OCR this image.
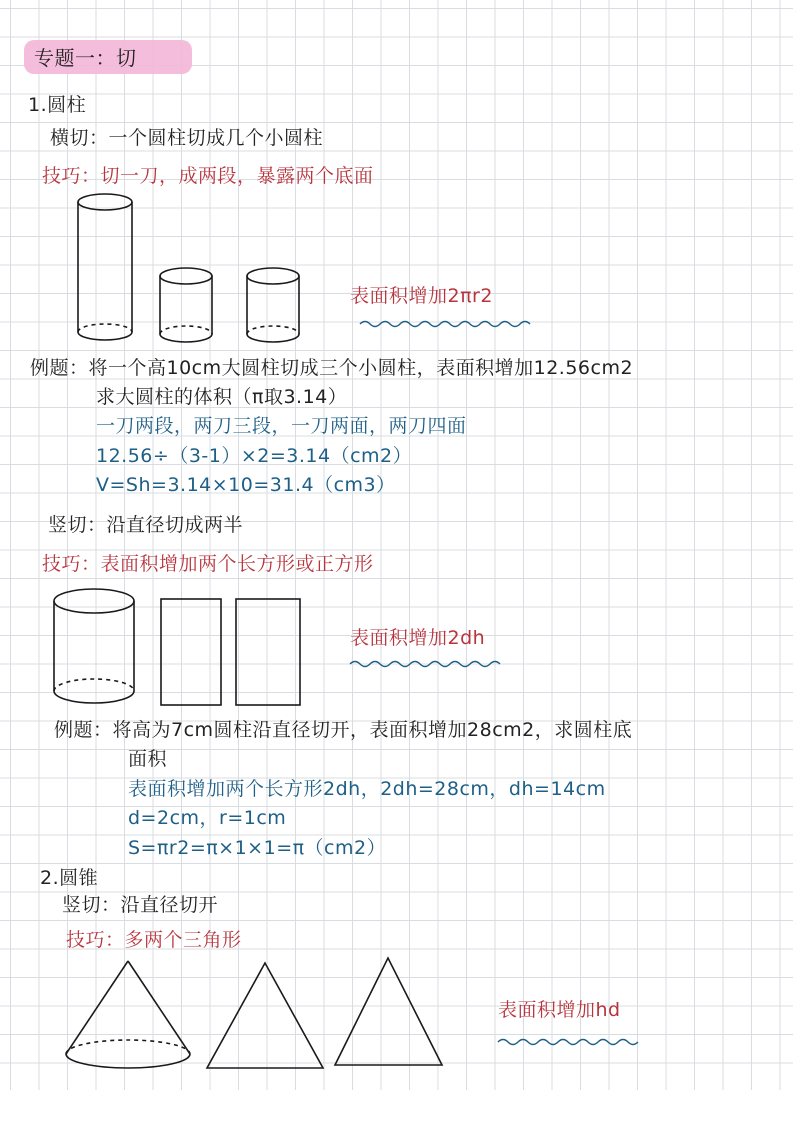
专题一：切
1.圆柱
横切：一个圆柱切成几个小圆柱
技巧：切一刀，成两段，暴露两个底面
表面积增加2πr2
例题：将一个高10cm大圆柱切成三个小圆柱，表面积增加12.56cm2
求大圆柱的体积（π取3.14）
一刀两段，两刀三段，一刀两面，两刀四面
12.56÷（3-1）×2=3.14（cm2）
V=Sh=3.14×10=31.4（cm3）
竖切：沿直径切成两半
技巧：表面积增加两个长方形或正方形
表面积增加2dh
例题：将高为7cm圆柱沿直径切开，表面积增加28cm2，求圆柱底
面积
表面积增加两个长方形2dh，2dh=28cm，dh=14cm
d=2cm，r=1cm
S=πr2=π×1×1=π（cm2）
2.圆锥
竖切：沿直径切开
技巧：多两个三角形
表面积增加hd
